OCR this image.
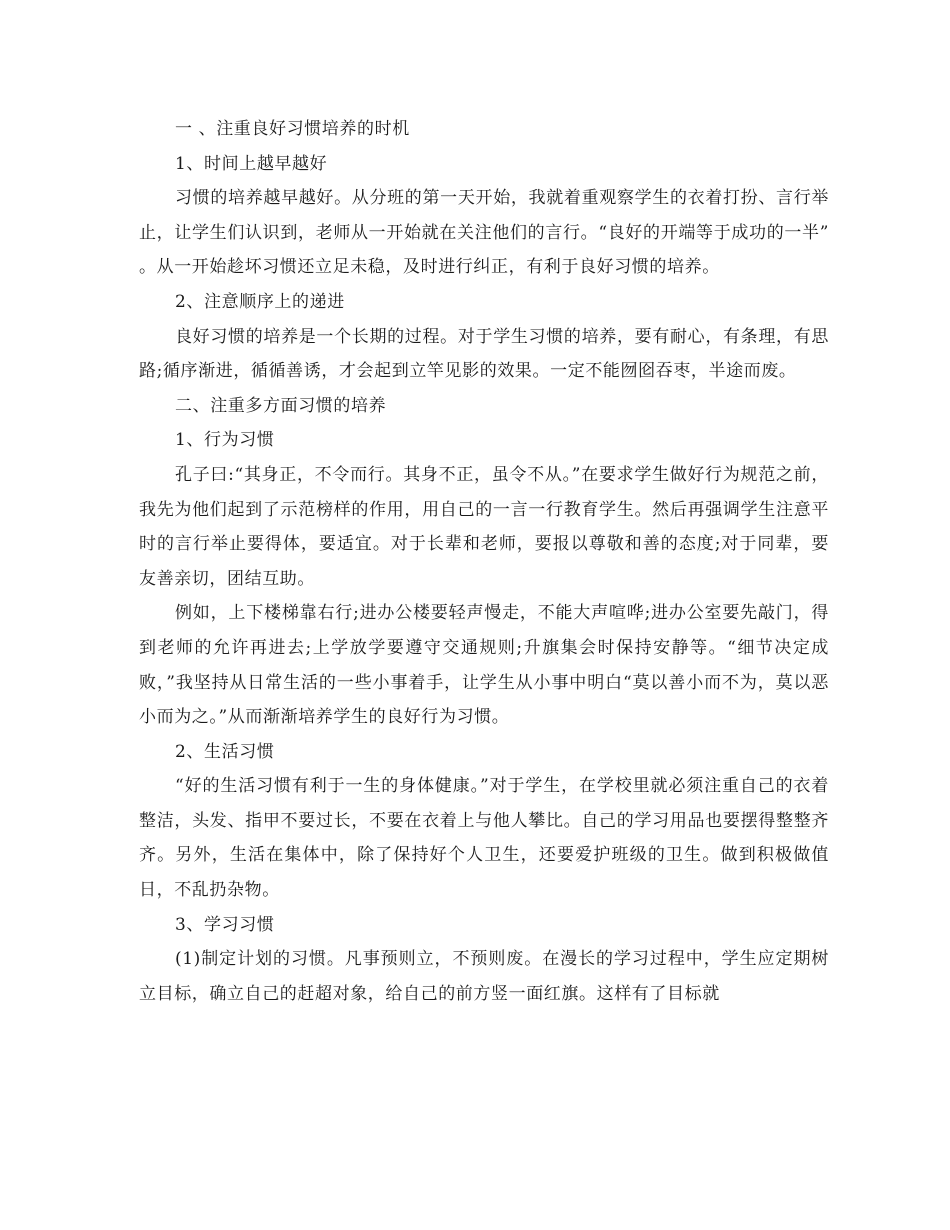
一 、注重良好习惯培养的时机

1、时间上越早越好

习惯的培养越早越好。从分班的第一天开始，我就着重观察学生的衣着打扮、言行举止，让学生们认识到，老师从一开始就在关注他们的言行。“良好的开端等于成功的一半” 。从一开始趁坏习惯还立足未稳，及时进行纠正，有利于良好习惯的培养。

2、注意顺序上的递进

良好习惯的培养是一个长期的过程。对于学生习惯的培养，要有耐心，有条理，有思路;循序渐进，循循善诱，才会起到立竿见影的效果。一定不能囫囵吞枣，半途而废。

二、注重多方面习惯的培养

1、行为习惯

孔子曰:“其身正，不令而行。其身不正，虽令不从。”在要求学生做好行为规范之前，我先为他们起到了示范榜样的作用，用自己的一言一行教育学生。然后再强调学生注意平时的言行举止要得体，要适宜。对于长辈和老师，要报以尊敬和善的态度;对于同辈，要友善亲切，团结互助。

例如，上下楼梯靠右行;进办公楼要轻声慢走，不能大声喧哗;进办公室要先敲门，得到老师的允许再进去;上学放学要遵守交通规则;升旗集会时保持安静等。“细节决定成败，”我坚持从日常生活的一些小事着手，让学生从小事中明白“莫以善小而不为，莫以恶小而为之。”从而渐渐培养学生的良好行为习惯。

2、生活习惯

“好的生活习惯有利于一生的身体健康。”对于学生，在学校里就必须注重自己的衣着整洁，头发、指甲不要过长，不要在衣着上与他人攀比。自己的学习用品也要摆得整整齐齐。另外，生活在集体中，除了保持好个人卫生，还要爱护班级的卫生。做到积极做值日，不乱扔杂物。

3、学习习惯

(1)制定计划的习惯。凡事预则立，不预则废。在漫长的学习过程中，学生应定期树立目标，确立自己的赶超对象，给自己的前方竖一面红旗。这样有了目标就
